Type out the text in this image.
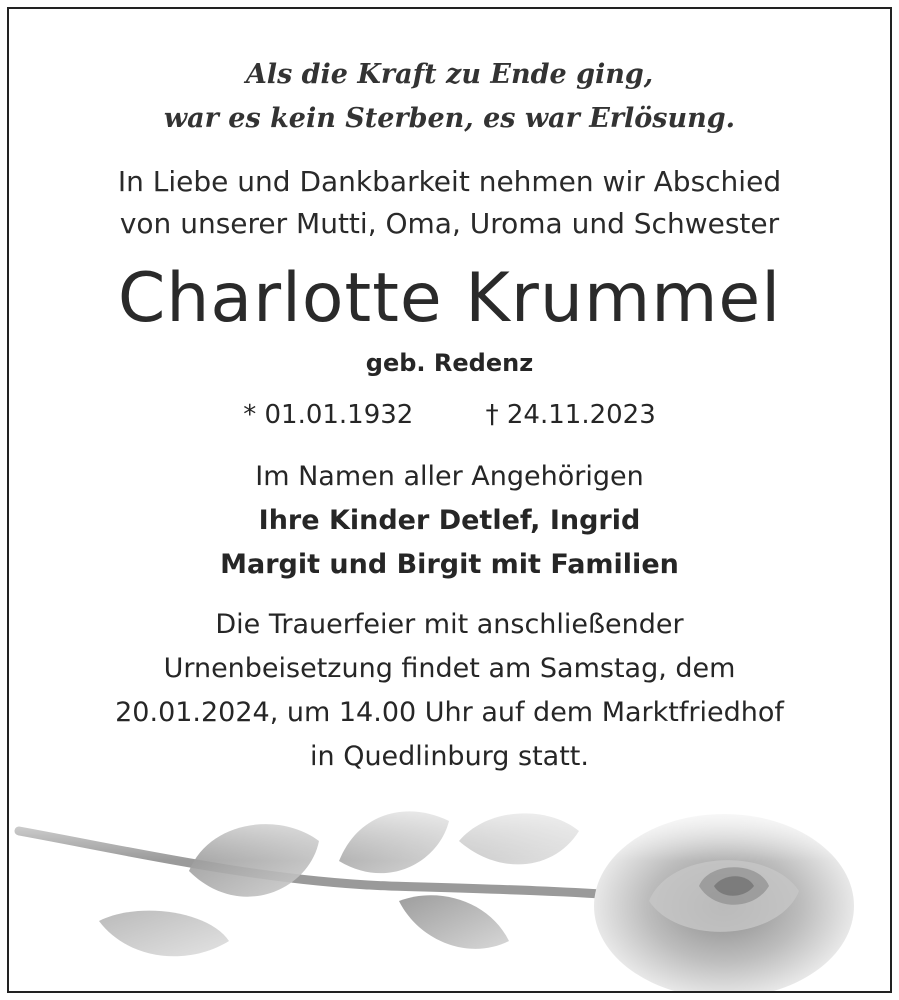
Als die Kraft zu Ende ging,
war es kein Sterben, es war Erlösung.
In Liebe und Dankbarkeit nehmen wir Abschied
von unserer Mutti, Oma, Uroma und Schwester
Charlotte Krummel
geb. Redenz
* 01.01.1932	† 24.11.2023
Im Namen aller Angehörigen
Ihre Kinder Detlef, Ingrid
Margit und Birgit mit Familien
Die Trauerfeier mit anschließender
Urnenbeisetzung findet am Samstag, dem
20.01.2024, um 14.00 Uhr auf dem Marktfriedhof
in Quedlinburg statt.
